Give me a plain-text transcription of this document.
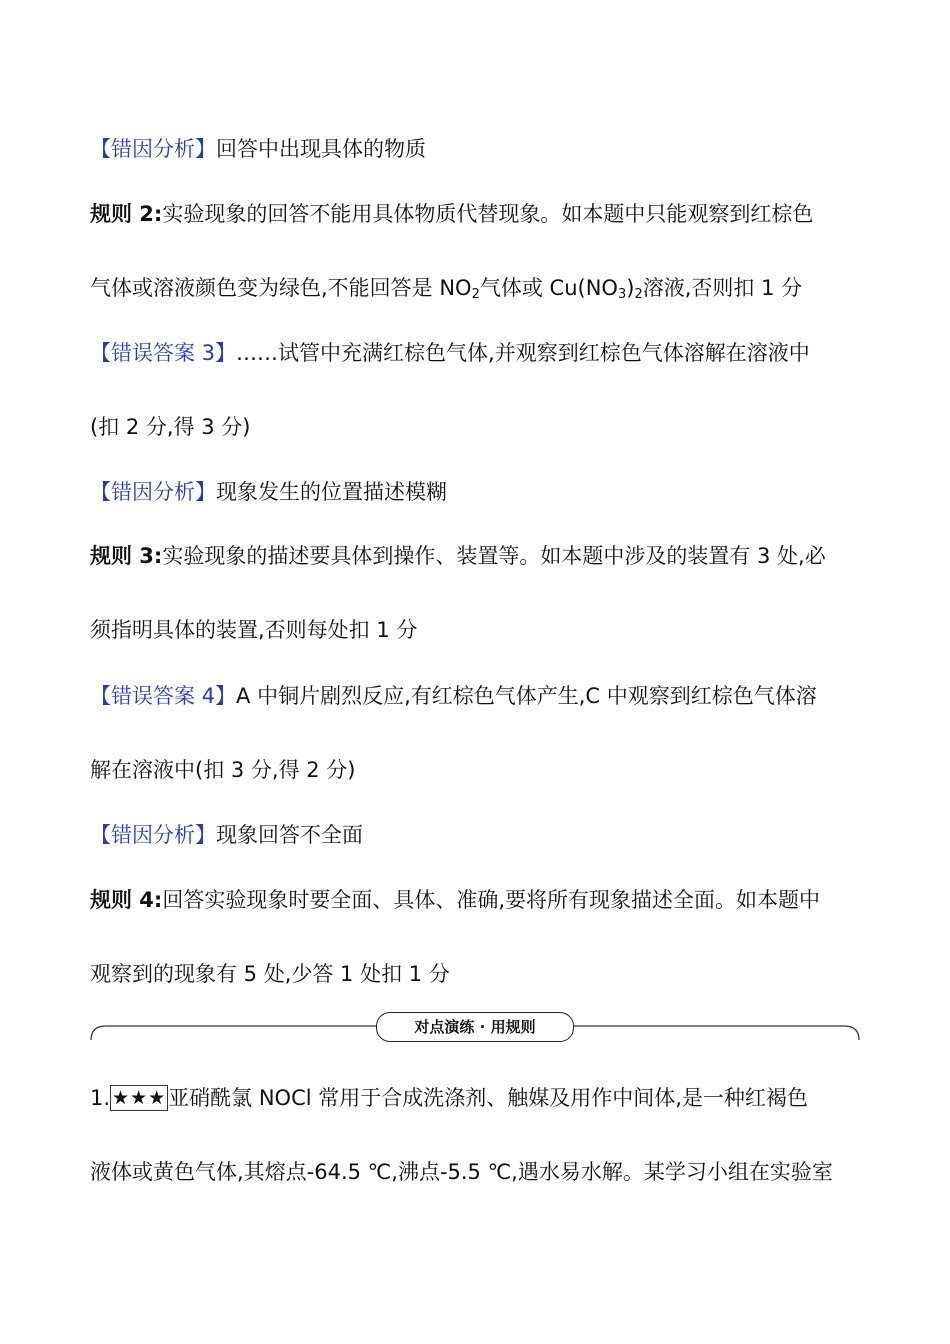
【错因分析】回答中出现具体的物质
规则 2:实验现象的回答不能用具体物质代替现象。如本题中只能观察到红棕色
气体或溶液颜色变为绿色,不能回答是 $NO_2$气体或 $Cu(NO_3)_2$溶液,否则扣 1 分
【错误答案 3】……试管中充满红棕色气体,并观察到红棕色气体溶解在溶液中
(扣 2 分,得 3 分)
【错因分析】现象发生的位置描述模糊
规则 3:实验现象的描述要具体到操作、装置等。如本题中涉及的装置有 3 处,必
须指明具体的装置,否则每处扣 1 分
【错误答案 4】A 中铜片剧烈反应,有红棕色气体产生,C 中观察到红棕色气体溶
解在溶液中(扣 3 分,得 2 分)
【错因分析】现象回答不全面
规则 4:回答实验现象时要全面、具体、准确,要将所有现象描述全面。如本题中
观察到的现象有 5 处,少答 1 处扣 1 分
对点演练 · 用规则
1. ★★★亚硝酰氯 NOCl 常用于合成洗涤剂、触媒及用作中间体,是一种红褐色
液体或黄色气体,其熔点-64.5 ℃,沸点-5.5 ℃,遇水易水解。某学习小组在实验室
